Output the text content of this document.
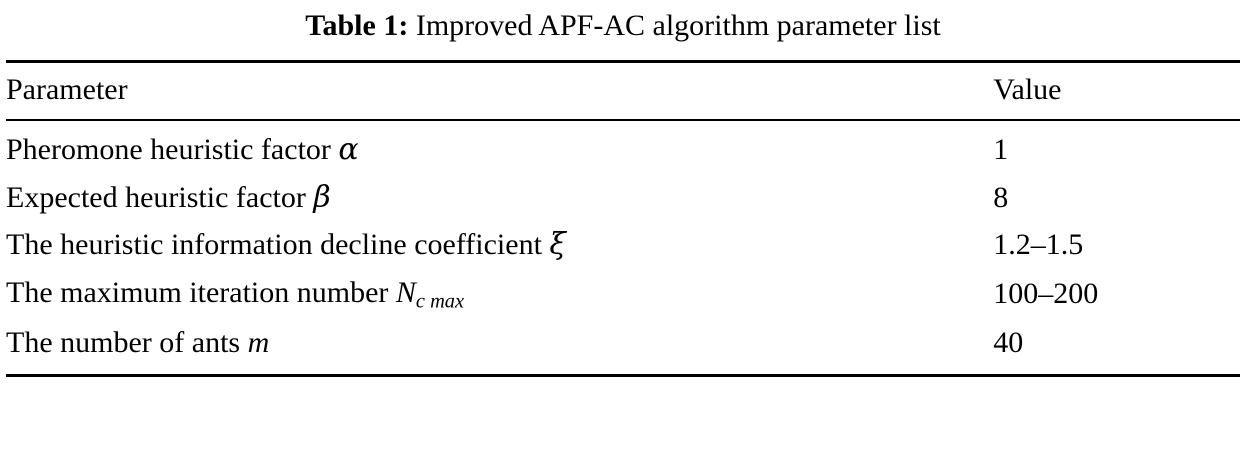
Table 1: Improved APF-AC algorithm parameter list
Parameter	Value
Pheromone heuristic factor α	1
Expected heuristic factor β	8
The heuristic information decline coefficient ξ	1.2–1.5
The maximum iteration number $N_{c max}$	100–200
The number of ants m	40
